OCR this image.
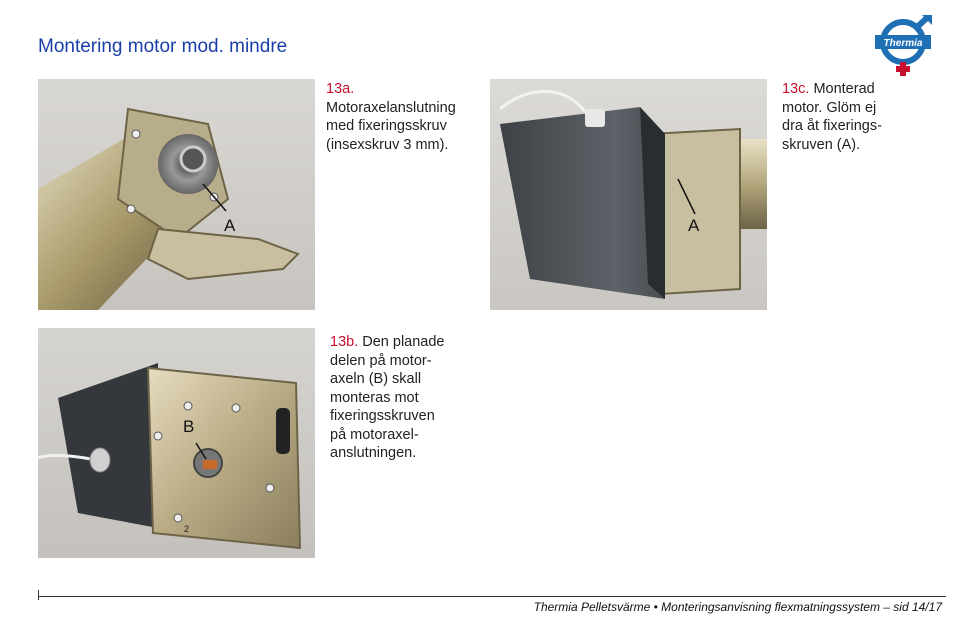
Montering motor mod. mindre	Thermia
A	A
B
2
13a.
Motoraxelanslutning
med fixeringsskruv
(insexskruv 3 mm).
13c. Monterad
motor. Glöm ej
dra åt fixerings-
skruven (A).
13b. Den planade
delen på motor-
axeln (B) skall
monteras mot
fixeringsskruven
på motoraxel-
anslutningen.
Thermia Pelletsvärme • Monteringsanvisning flexmatningssystem – sid 14/17
